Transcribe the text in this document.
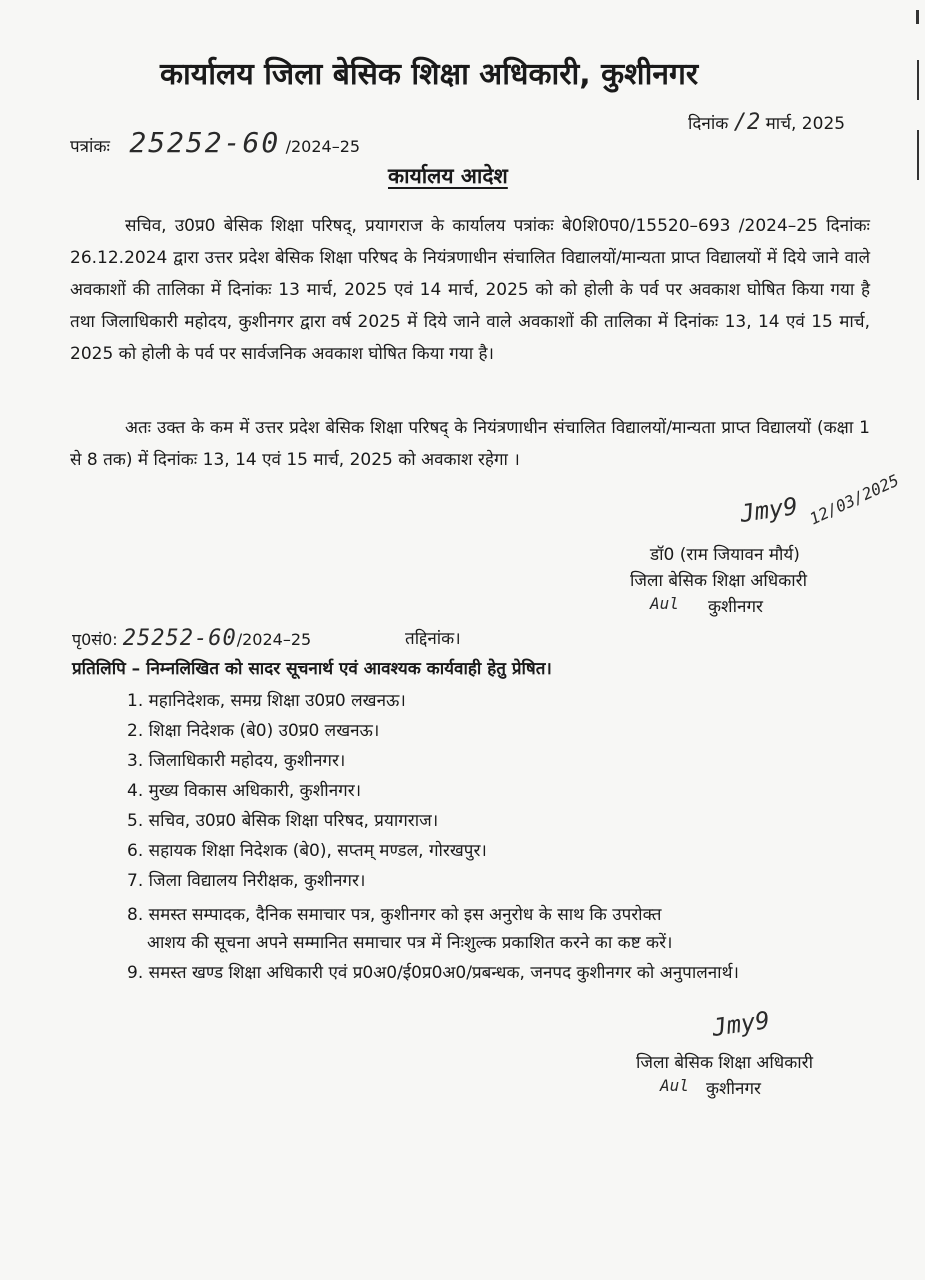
कार्यालय जिला बेसिक शिक्षा अधिकारी, कुशीनगर
पत्रांकः 25252-60 /2024–25
दिनांक /2 मार्च, 2025
कार्यालय आदेश
सचिव, उ0प्र0 बेसिक शिक्षा परिषद्, प्रयागराज के कार्यालय पत्रांकः बे0शि0प0/15520–693 /2024–25 दिनांकः 26.12.2024 द्वारा उत्तर प्रदेश बेसिक शिक्षा परिषद के नियंत्रणाधीन संचालित विद्यालयों/मान्यता प्राप्त विद्यालयों में दिये जाने वाले अवकाशों की तालिका में दिनांकः 13 मार्च, 2025 एवं 14 मार्च, 2025 को को होली के पर्व पर अवकाश घोषित किया गया है तथा जिलाधिकारी महोदय, कुशीनगर द्वारा वर्ष 2025 में दिये जाने वाले अवकाशों की तालिका में दिनांकः 13, 14 एवं 15 मार्च, 2025 को होली के पर्व पर सार्वजनिक अवकाश घोषित किया गया है।
अतः उक्त के कम में उत्तर प्रदेश बेसिक शिक्षा परिषद् के नियंत्रणाधीन संचालित विद्यालयों/मान्यता प्राप्त विद्यालयों (कक्षा 1 से 8 तक) में दिनांकः 13, 14 एवं 15 मार्च, 2025 को अवकाश रहेगा ।
Jmy9 12/03/2025
डॉ0 (राम जियावन मौर्य)
जिला बेसिक शिक्षा अधिकारी
Aul कुशीनगर
पृ0सं0: 25252-60/2024–25	तद्दिनांक।
प्रतिलिपि – निम्नलिखित को सादर सूचनार्थ एवं आवश्यक कार्यवाही हेतु प्रेषित।
1. महानिदेशक, समग्र शिक्षा उ0प्र0 लखनऊ।
2. शिक्षा निदेशक (बे0) उ0प्र0 लखनऊ।
3. जिलाधिकारी महोदय, कुशीनगर।
4. मुख्य विकास अधिकारी, कुशीनगर।
5. सचिव, उ0प्र0 बेसिक शिक्षा परिषद, प्रयागराज।
6. सहायक शिक्षा निदेशक (बे0), सप्तम् मण्डल, गोरखपुर।
7. जिला विद्यालय निरीक्षक, कुशीनगर।
8. समस्त सम्पादक, दैनिक समाचार पत्र, कुशीनगर को इस अनुरोध के साथ कि उपरोक्त
आशय की सूचना अपने सम्मानित समाचार पत्र में निःशुल्क प्रकाशित करने का कष्ट करें।
9. समस्त खण्ड शिक्षा अधिकारी एवं प्र0अ0/ई0प्र0अ0/प्रबन्धक, जनपद कुशीनगर को अनुपालनार्थ।
Jmy9
जिला बेसिक शिक्षा अधिकारी
Aul कुशीनगर
